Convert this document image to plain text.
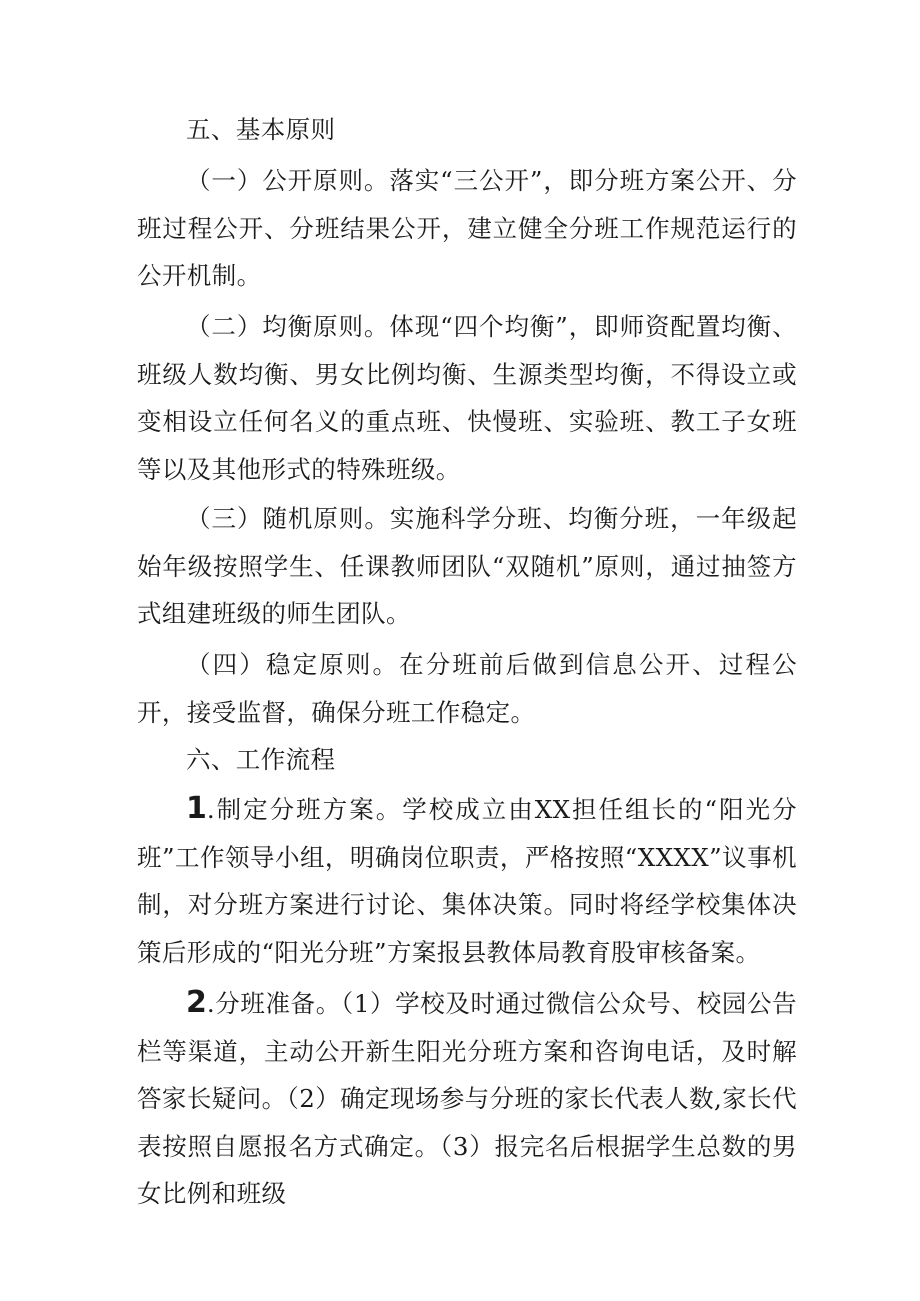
五、基本原则

（一）公开原则。落实“三公开”，即分班方案公开、分班过程公开、分班结果公开，建立健全分班工作规范运行的公开机制。

（二）均衡原则。体现“四个均衡”，即师资配置均衡、班级人数均衡、男女比例均衡、生源类型均衡，不得设立或变相设立任何名义的重点班、快慢班、实验班、教工子女班等以及其他形式的特殊班级。

（三）随机原则。实施科学分班、均衡分班，一年级起始年级按照学生、任课教师团队“双随机”原则，通过抽签方式组建班级的师生团队。

（四）稳定原则。在分班前后做到信息公开、过程公开，接受监督，确保分班工作稳定。

六、工作流程

1.制定分班方案。学校成立由XX担任组长的“阳光分班”工作领导小组，明确岗位职责，严格按照“XXXX”议事机制，对分班方案进行讨论、集体决策。同时将经学校集体决策后形成的“阳光分班”方案报县教体局教育股审核备案。

2.分班准备。（1）学校及时通过微信公众号、校园公告栏等渠道，主动公开新生阳光分班方案和咨询电话，及时解答家长疑问。（2）确定现场参与分班的家长代表人数,家长代表按照自愿报名方式确定。（3）报完名后根据学生总数的男女比例和班级
